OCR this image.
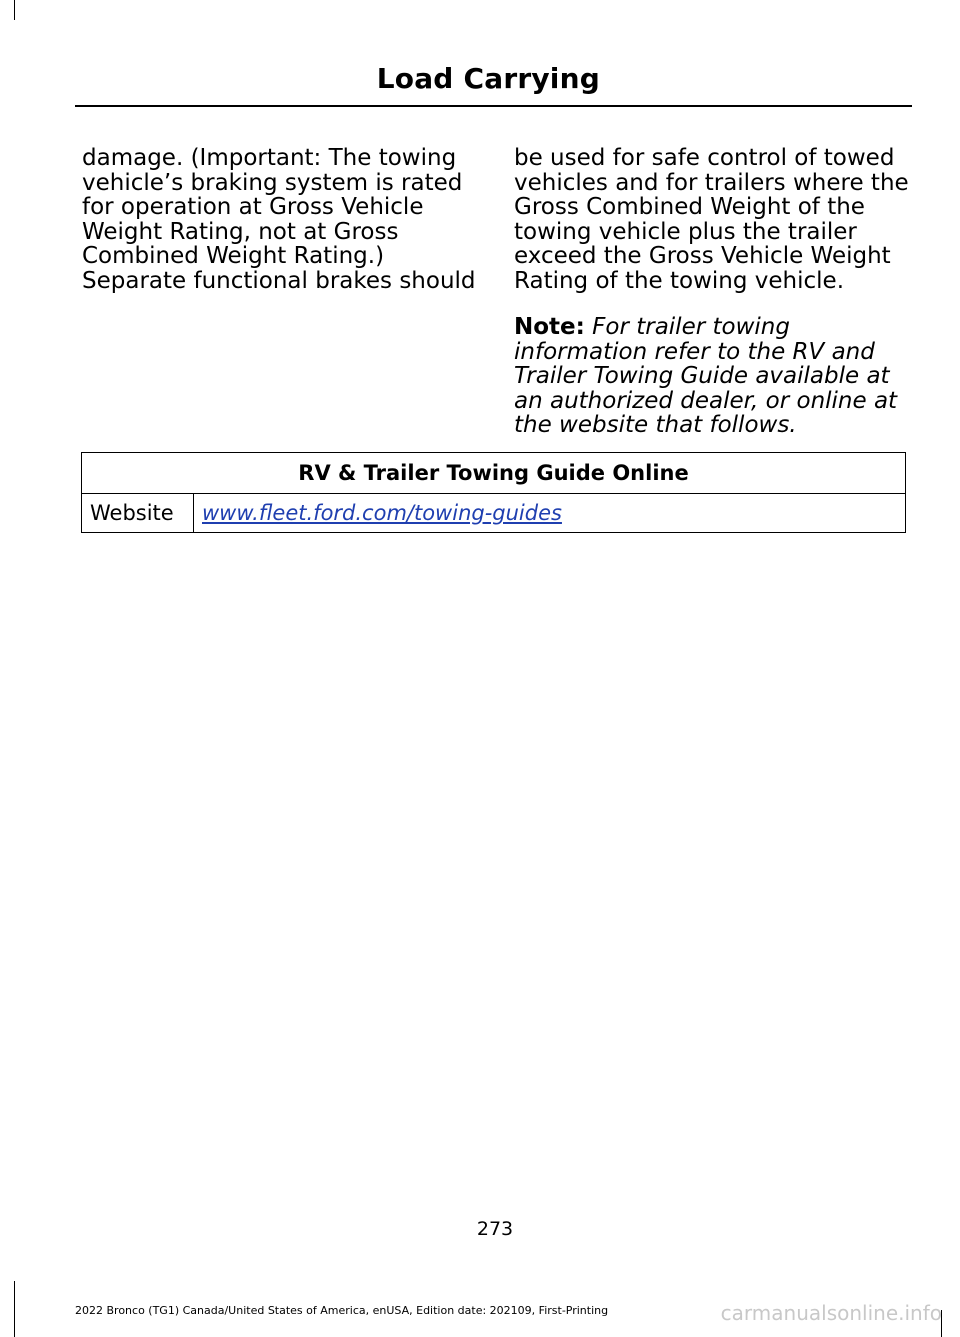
Load Carrying

damage. (Important: The towing vehicle’s braking system is rated for operation at Gross Vehicle Weight Rating, not at Gross Combined Weight Rating.) Separate functional brakes should

be used for safe control of towed vehicles and for trailers where the Gross Combined Weight of the towing vehicle plus the trailer exceed the Gross Vehicle Weight Rating of the towing vehicle.

Note: For trailer towing information refer to the RV and Trailer Towing Guide available at an authorized dealer, or online at the website that follows.

RV & Trailer Towing Guide Online
Website	www.fleet.ford.com/towing-guides
273
2022 Bronco (TG1) Canada/United States of America, enUSA, Edition date: 202109, First-Printing	carmanualsonline.info
